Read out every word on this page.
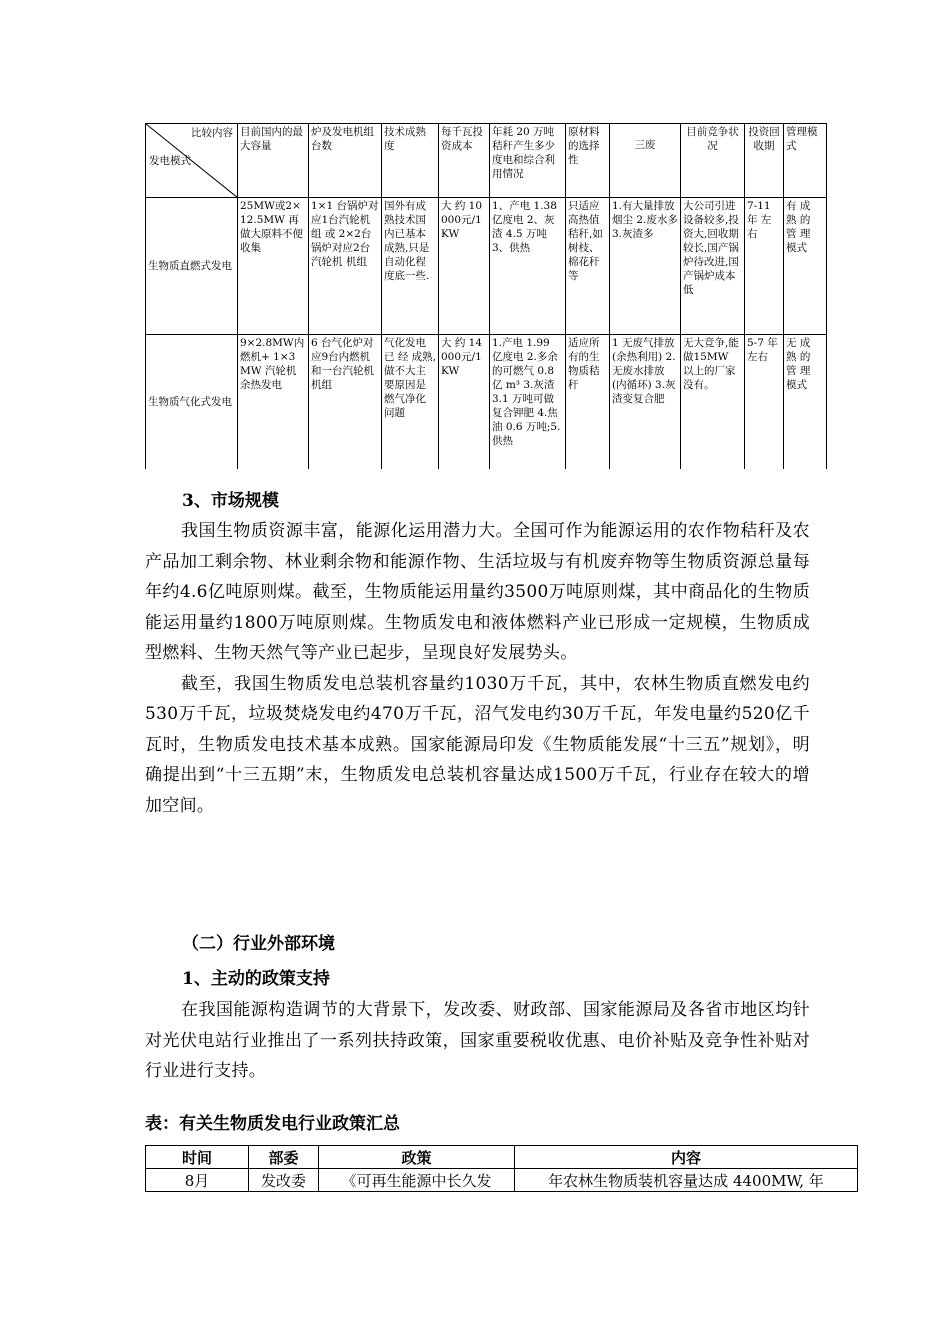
比较内容
发电模式	目前国内的最大容量	炉及发电机组台数	技术成熟度	每千瓦投资成本	年耗 20 万吨秸秆产生多少度电和综合利用情况	原材料的选择性	三废	目前竞争状况	投资回收期	管理模式
生物质直燃式发电	25MW或2×12.5MW 再做大原料不便收集	1×1 台锅炉对应1台汽轮机组 或 2×2台锅炉对应2台汽轮机 机组	国外有成熟技术国内已基本成熟,只是自动化程度底一些.	大 约 10000元/1KW	1、产电 1.38 亿度电 2、灰渣 4.5 万吨 3、供热	只适应高热值秸秆,如 树枝、棉花秆等	1.有大量排放烟尘 2.废水多 3.灰渣多	大公司引进设备较多,投资大,回收期较长,国产锅炉待改进,国产锅炉成本低	7-11 年 左右	有 成 熟 的 管 理 模式
生物质气化式发电	9×2.8MW内燃机+ 1×3MW 汽轮机余热发电	6 台气化炉对应9台内燃机和一台汽轮机机组	气化发电已 经 成熟,做不大主要原因是燃气净化问题	大 约 14000元/1KW	1.产电 1.99 亿度电 2.多余的可燃气 0.8 亿 m³ 3.灰渣 3.1 万吨可做复合钾肥 4.焦油 0.6 万吨;5.供热	适应所有的生物质秸秆	1 无废气排放(余热利用) 2.无废水排放(内循环) 3.灰渣变复合肥	无大竞争,能做15MW 以上的厂家没有。	5-7 年 左右	无 成 熟 的 管 理 模式
3、市场规模

我国生物质资源丰富，能源化运用潜力大。全国可作为能源运用的农作物秸秆及农产品加工剩余物、林业剩余物和能源作物、生活垃圾与有机废弃物等生物质资源总量每年约4.6亿吨原则煤。截至，生物质能运用量约3500万吨原则煤，其中商品化的生物质能运用量约1800万吨原则煤。生物质发电和液体燃料产业已形成一定规模，生物质成型燃料、生物天然气等产业已起步，呈现良好发展势头。

截至，我国生物质发电总装机容量约1030万千瓦，其中，农林生物质直燃发电约530万千瓦，垃圾焚烧发电约470万千瓦，沼气发电约30万千瓦，年发电量约520亿千瓦时，生物质发电技术基本成熟。国家能源局印发《生物质能发展“十三五”规划》，明确提出到“十三五期”末，生物质发电总装机容量达成1500万千瓦，行业存在较大的增加空间。

（二）行业外部环境
1、主动的政策支持

在我国能源构造调节的大背景下，发改委、财政部、国家能源局及各省市地区均针对光伏电站行业推出了一系列扶持政策，国家重要税收优惠、电价补贴及竞争性补贴对行业进行支持。

表：有关生物质发电行业政策汇总
时间	部委	政策	内容
8月	发改委	《可再生能源中长久发	年农林生物质装机容量达成 4400MW, 年
